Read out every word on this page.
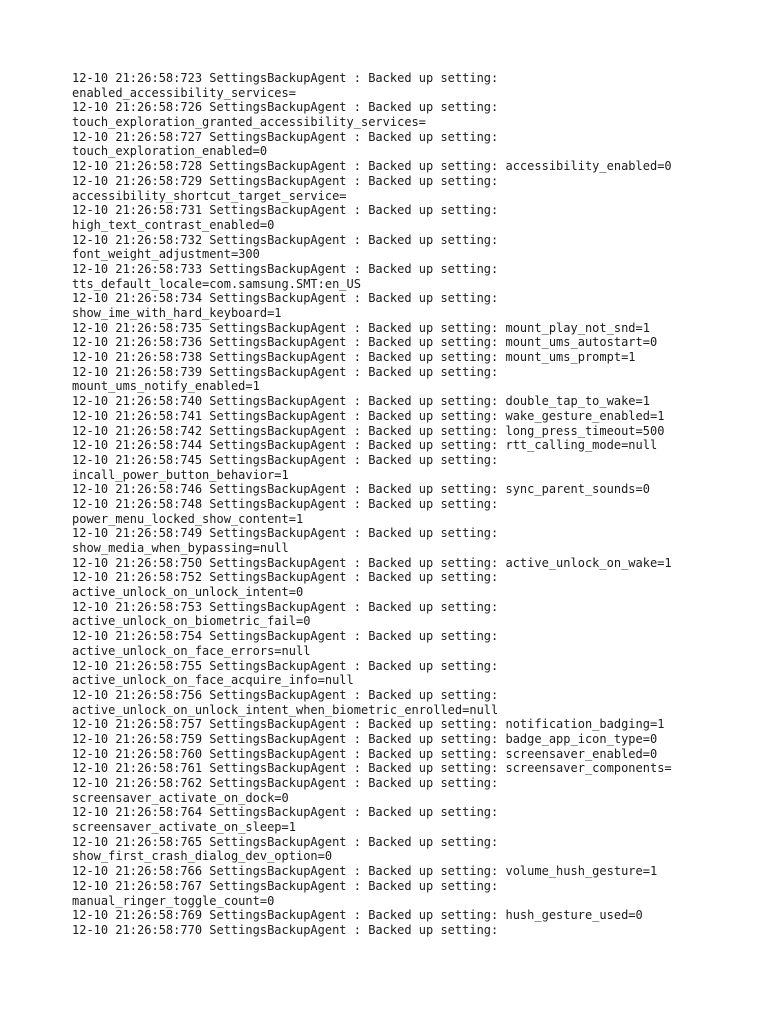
12-10 21:26:58:723 SettingsBackupAgent : Backed up setting:
enabled_accessibility_services=
12-10 21:26:58:726 SettingsBackupAgent : Backed up setting:
touch_exploration_granted_accessibility_services=
12-10 21:26:58:727 SettingsBackupAgent : Backed up setting:
touch_exploration_enabled=0
12-10 21:26:58:728 SettingsBackupAgent : Backed up setting: accessibility_enabled=0
12-10 21:26:58:729 SettingsBackupAgent : Backed up setting:
accessibility_shortcut_target_service=
12-10 21:26:58:731 SettingsBackupAgent : Backed up setting:
high_text_contrast_enabled=0
12-10 21:26:58:732 SettingsBackupAgent : Backed up setting:
font_weight_adjustment=300
12-10 21:26:58:733 SettingsBackupAgent : Backed up setting:
tts_default_locale=com.samsung.SMT:en_US
12-10 21:26:58:734 SettingsBackupAgent : Backed up setting:
show_ime_with_hard_keyboard=1
12-10 21:26:58:735 SettingsBackupAgent : Backed up setting: mount_play_not_snd=1
12-10 21:26:58:736 SettingsBackupAgent : Backed up setting: mount_ums_autostart=0
12-10 21:26:58:738 SettingsBackupAgent : Backed up setting: mount_ums_prompt=1
12-10 21:26:58:739 SettingsBackupAgent : Backed up setting:
mount_ums_notify_enabled=1
12-10 21:26:58:740 SettingsBackupAgent : Backed up setting: double_tap_to_wake=1
12-10 21:26:58:741 SettingsBackupAgent : Backed up setting: wake_gesture_enabled=1
12-10 21:26:58:742 SettingsBackupAgent : Backed up setting: long_press_timeout=500
12-10 21:26:58:744 SettingsBackupAgent : Backed up setting: rtt_calling_mode=null
12-10 21:26:58:745 SettingsBackupAgent : Backed up setting:
incall_power_button_behavior=1
12-10 21:26:58:746 SettingsBackupAgent : Backed up setting: sync_parent_sounds=0
12-10 21:26:58:748 SettingsBackupAgent : Backed up setting:
power_menu_locked_show_content=1
12-10 21:26:58:749 SettingsBackupAgent : Backed up setting:
show_media_when_bypassing=null
12-10 21:26:58:750 SettingsBackupAgent : Backed up setting: active_unlock_on_wake=1
12-10 21:26:58:752 SettingsBackupAgent : Backed up setting:
active_unlock_on_unlock_intent=0
12-10 21:26:58:753 SettingsBackupAgent : Backed up setting:
active_unlock_on_biometric_fail=0
12-10 21:26:58:754 SettingsBackupAgent : Backed up setting:
active_unlock_on_face_errors=null
12-10 21:26:58:755 SettingsBackupAgent : Backed up setting:
active_unlock_on_face_acquire_info=null
12-10 21:26:58:756 SettingsBackupAgent : Backed up setting:
active_unlock_on_unlock_intent_when_biometric_enrolled=null
12-10 21:26:58:757 SettingsBackupAgent : Backed up setting: notification_badging=1
12-10 21:26:58:759 SettingsBackupAgent : Backed up setting: badge_app_icon_type=0
12-10 21:26:58:760 SettingsBackupAgent : Backed up setting: screensaver_enabled=0
12-10 21:26:58:761 SettingsBackupAgent : Backed up setting: screensaver_components=
12-10 21:26:58:762 SettingsBackupAgent : Backed up setting:
screensaver_activate_on_dock=0
12-10 21:26:58:764 SettingsBackupAgent : Backed up setting:
screensaver_activate_on_sleep=1
12-10 21:26:58:765 SettingsBackupAgent : Backed up setting:
show_first_crash_dialog_dev_option=0
12-10 21:26:58:766 SettingsBackupAgent : Backed up setting: volume_hush_gesture=1
12-10 21:26:58:767 SettingsBackupAgent : Backed up setting:
manual_ringer_toggle_count=0
12-10 21:26:58:769 SettingsBackupAgent : Backed up setting: hush_gesture_used=0
12-10 21:26:58:770 SettingsBackupAgent : Backed up setting:
